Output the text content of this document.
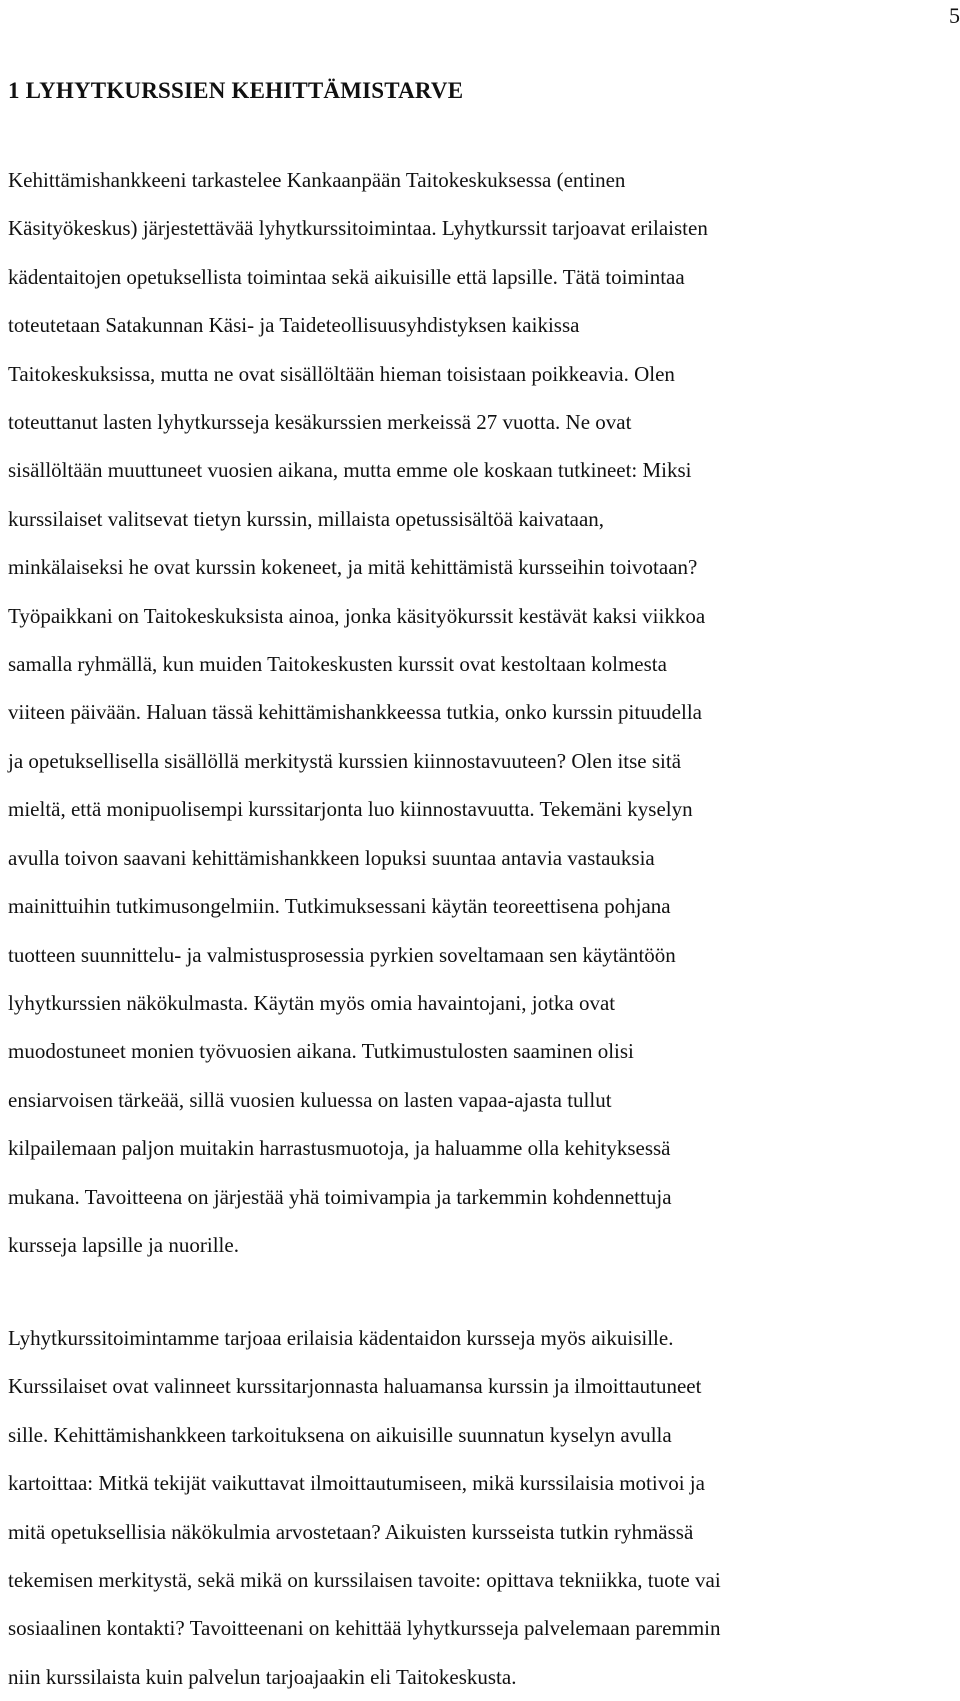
5
1 LYHYTKURSSIEN KEHITTÄMISTARVE

Kehittämishankkeeni tarkastelee Kankaanpään Taitokeskuksessa (entinen
Käsityökeskus) järjestettävää lyhytkurssitoimintaa. Lyhytkurssit tarjoavat erilaisten
kädentaitojen opetuksellista toimintaa sekä aikuisille että lapsille. Tätä toimintaa
toteutetaan Satakunnan Käsi- ja Taideteollisuusyhdistyksen kaikissa
Taitokeskuksissa, mutta ne ovat sisällöltään hieman toisistaan poikkeavia. Olen
toteuttanut lasten lyhytkursseja kesäkurssien merkeissä 27 vuotta. Ne ovat
sisällöltään muuttuneet vuosien aikana, mutta emme ole koskaan tutkineet: Miksi
kurssilaiset valitsevat tietyn kurssin, millaista opetussisältöä kaivataan,
minkälaiseksi he ovat kurssin kokeneet, ja mitä kehittämistä kursseihin toivotaan?
Työpaikkani on Taitokeskuksista ainoa, jonka käsityökurssit kestävät kaksi viikkoa
samalla ryhmällä, kun muiden Taitokeskusten kurssit ovat kestoltaan kolmesta
viiteen päivään. Haluan tässä kehittämishankkeessa tutkia, onko kurssin pituudella
ja opetuksellisella sisällöllä merkitystä kurssien kiinnostavuuteen? Olen itse sitä
mieltä, että monipuolisempi kurssitarjonta luo kiinnostavuutta. Tekemäni kyselyn
avulla toivon saavani kehittämishankkeen lopuksi suuntaa antavia vastauksia
mainittuihin tutkimusongelmiin. Tutkimuksessani käytän teoreettisena pohjana
tuotteen suunnittelu- ja valmistusprosessia pyrkien soveltamaan sen käytäntöön
lyhytkurssien näkökulmasta. Käytän myös omia havaintojani, jotka ovat
muodostuneet monien työvuosien aikana. Tutkimustulosten saaminen olisi
ensiarvoisen tärkeää, sillä vuosien kuluessa on lasten vapaa-ajasta tullut
kilpailemaan paljon muitakin harrastusmuotoja, ja haluamme olla kehityksessä
mukana. Tavoitteena on järjestää yhä toimivampia ja tarkemmin kohdennettuja
kursseja lapsille ja nuorille.

Lyhytkurssitoimintamme tarjoaa erilaisia kädentaidon kursseja myös aikuisille.
Kurssilaiset ovat valinneet kurssitarjonnasta haluamansa kurssin ja ilmoittautuneet
sille. Kehittämishankkeen tarkoituksena on aikuisille suunnatun kyselyn avulla
kartoittaa: Mitkä tekijät vaikuttavat ilmoittautumiseen, mikä kurssilaisia motivoi ja
mitä opetuksellisia näkökulmia arvostetaan? Aikuisten kursseista tutkin ryhmässä
tekemisen merkitystä, sekä mikä on kurssilaisen tavoite: opittava tekniikka, tuote vai
sosiaalinen kontakti? Tavoitteenani on kehittää lyhytkursseja palvelemaan paremmin
niin kurssilaista kuin palvelun tarjoajaakin eli Taitokeskusta.
